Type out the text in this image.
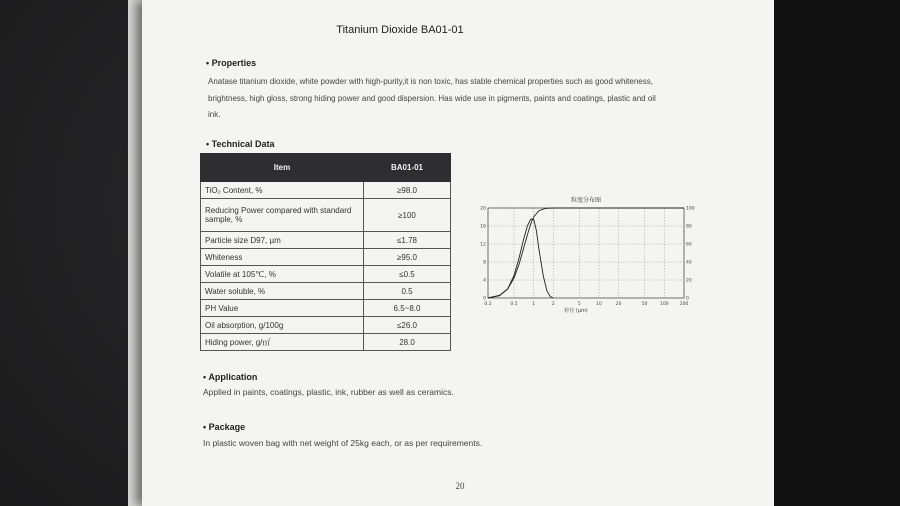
Titanium Dioxide BA01-01
• Properties
Anatase titanium dioxide, white powder with high-purity,it is non toxic, has stable chemical properties such as good whiteness,
brightness, high gloss, strong hiding power and good dispersion. Has wide use in pigments, paints and coatings, plastic and oil
ink.
• Technical Data
Item	BA01-01
TiO₂ Content, %	≥98.0
Reducing Power compared with standard sample, %	≥100
Particle size D97, µm	≤1.78
Whiteness	≥95.0
Volatile at 105℃, %	≤0.5
Water soluble, %	0.5
PH Value	6.5~8.0
Oil absorption, g/100g	≤26.0
Hiding power, g/㎡	28.0
粒度分布图
0.2	0.5	1	2	5	10	20	50	100 200
0
4
8
12
16
20
0
20
40
60
80
100
粒径 (µm)
• Application
Applied in paints, coatings, plastic, ink, rubber as well as ceramics.
• Package
In plastic woven bag with net weight of 25kg each, or as per requirements.
20
